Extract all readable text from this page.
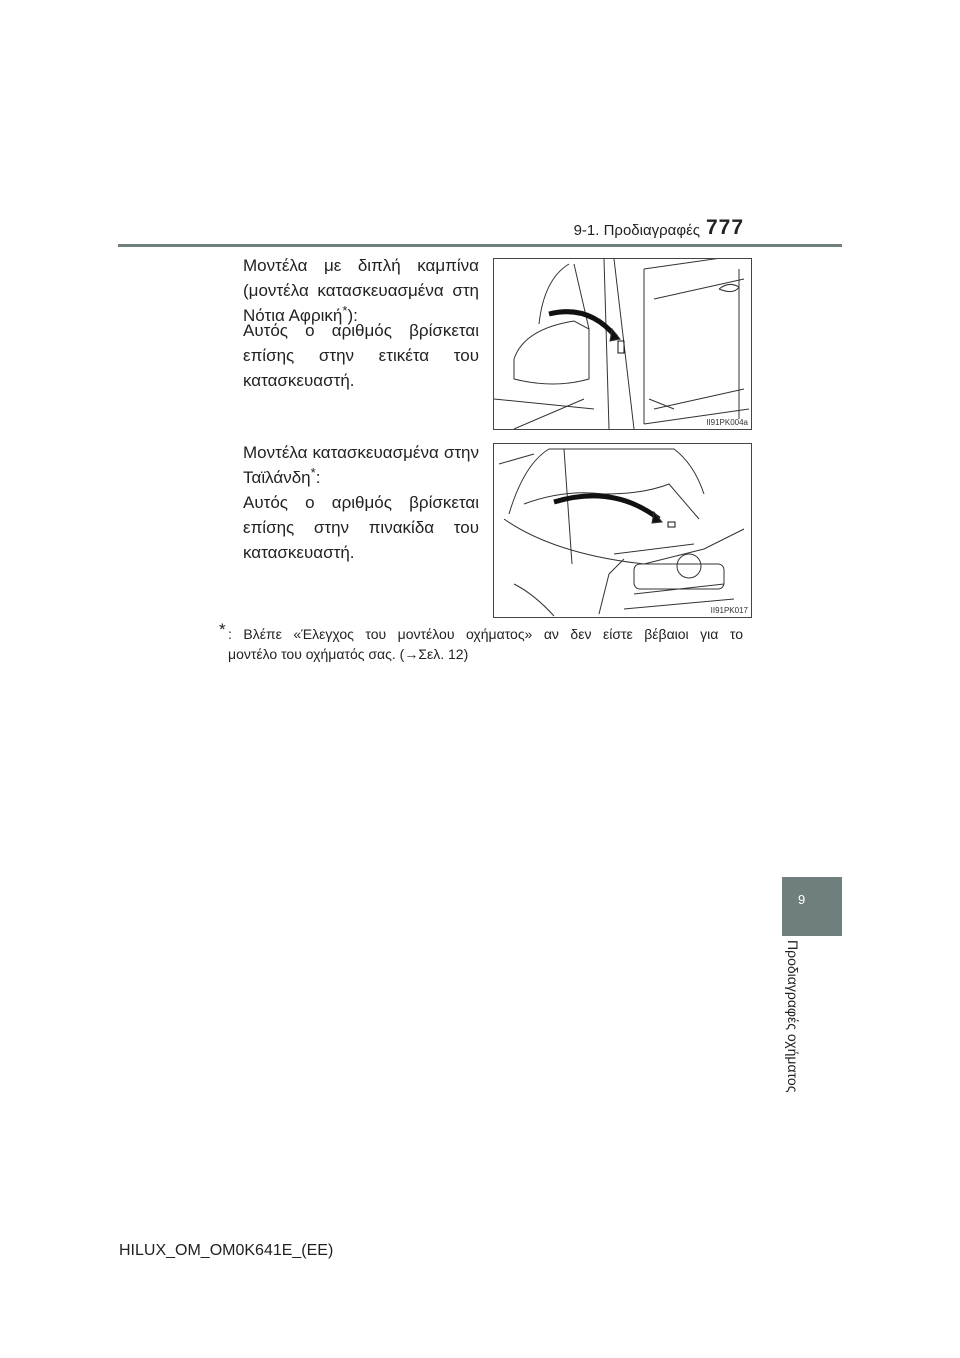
9-1. Προδιαγραφές 777
Μοντέλα με διπλή καμπίνα (μοντέλα κατασκευασμένα στη Νότια Αφρική*):
Αυτός ο αριθμός βρίσκεται επίσης στην ετικέτα του κατασκευαστή.
II91PK004a
Μοντέλα κατασκευασμένα στην Ταϊλάνδη*:
Αυτός ο αριθμός βρίσκεται επίσης στην πινακίδα του κατασκευαστή.
II91PK017
* : Βλέπε «Έλεγχος του μοντέλου οχήματος» αν δεν είστε βέβαιοι για το

μοντέλο του οχήματός σας. (→Σελ. 12)

9
Προδιαγραφές οχήματος
HILUX_OM_OM0K641E_(EE)
